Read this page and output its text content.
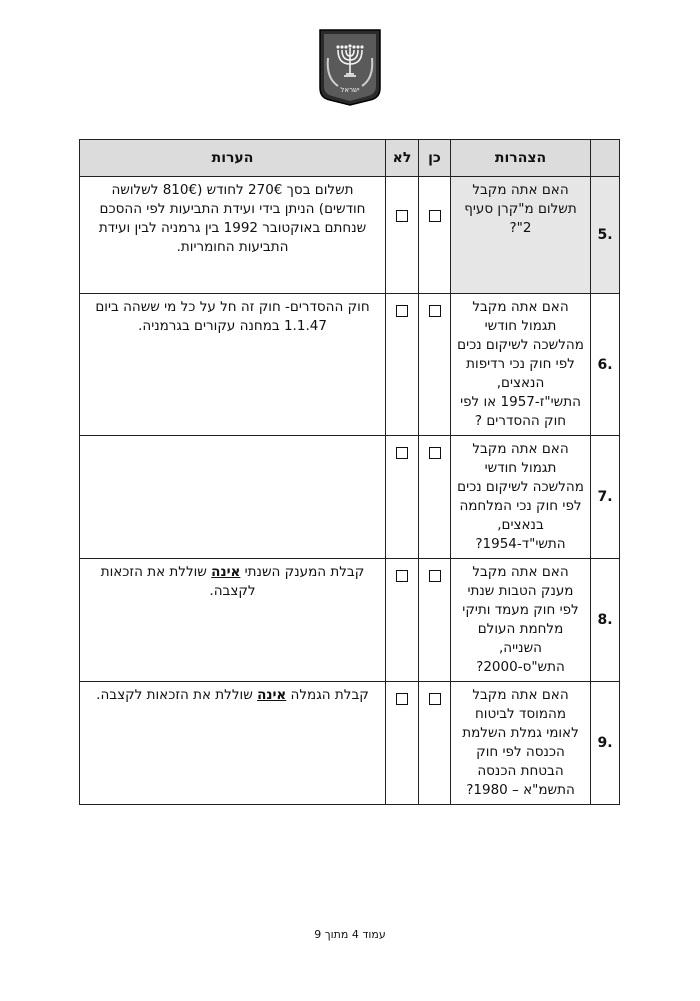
ישראל
	הצהרות	כן	לא	הערות
5.	האם אתה מקבל תשלום מ"קרן סעיף 2"?			תשלום בסך 270€ לחודש (810€ לשלושה חודשים) הניתן בידי ועידת התביעות לפי ההסכם שנחתם באוקטובר 1992 בין גרמניה לבין ועידת התביעות החומריות.
6.	האם אתה מקבל תגמול חודשי מהלשכה לשיקום נכים לפי חוק נכי רדיפות הנאצים, התשי"ז-1957 או לפי חוק ההסדרים ?			חוק ההסדרים- חוק זה חל על כל מי ששהה ביום 1.1.47 במחנה עקורים בגרמניה.
7.	האם אתה מקבל תגמול חודשי מהלשכה לשיקום נכים לפי חוק נכי המלחמה בנאצים, התשי"ד-1954?			
8.	האם אתה מקבל מענק הטבות שנתי לפי חוק מעמד ותיקי מלחמת העולם השנייה, התש"ס-2000?			קבלת המענק השנתי אינה שוללת את הזכאות לקצבה.
9.	האם אתה מקבל מהמוסד לביטוח לאומי גמלת השלמת הכנסה לפי חוק הבטחת הכנסה התשמ"א – 1980?			קבלת הגמלה אינה שוללת את הזכאות לקצבה.
עמוד 4 מתוך 9
